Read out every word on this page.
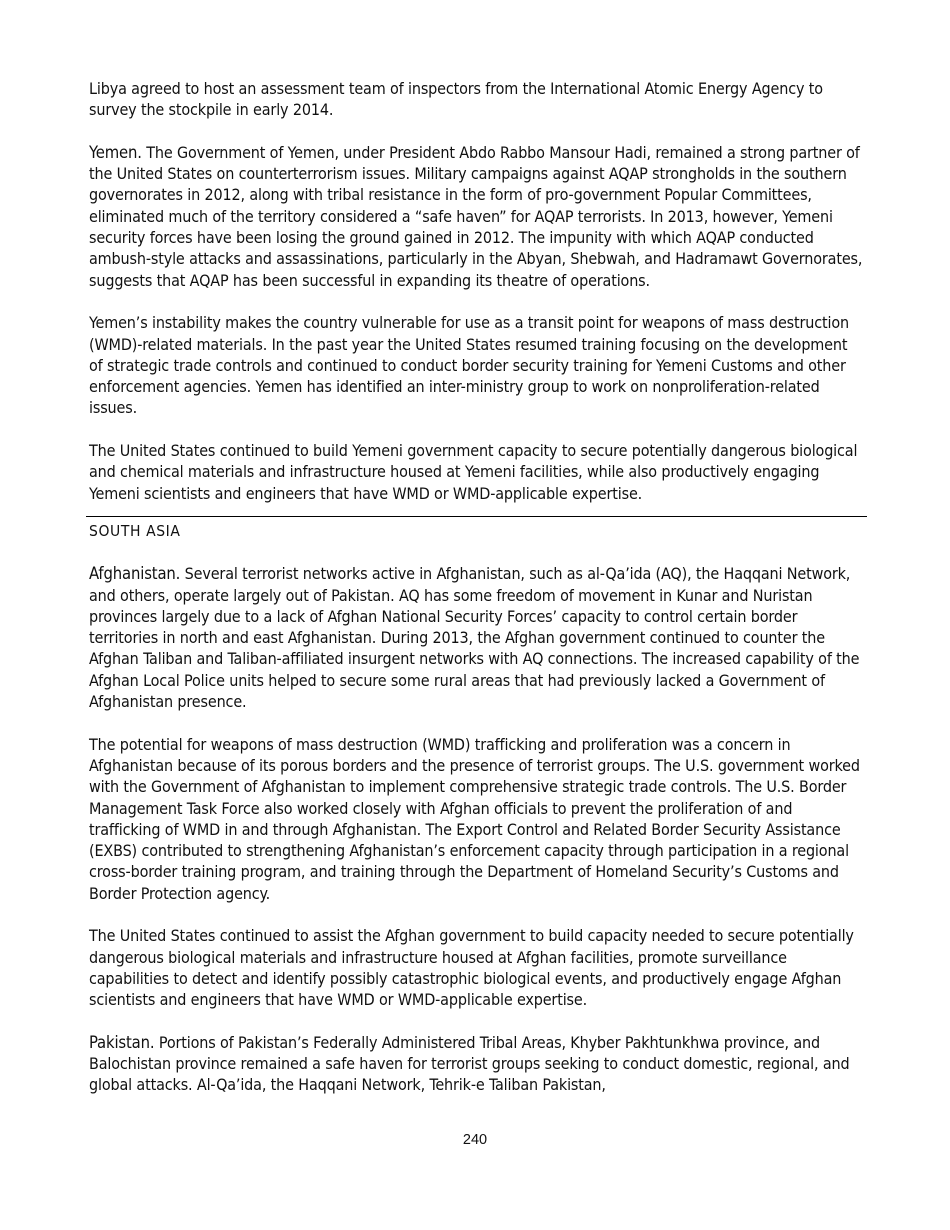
Libya agreed to host an assessment team of inspectors from the International Atomic Energy Agency to survey the stockpile in early 2014.

Yemen. The Government of Yemen, under President Abdo Rabbo Mansour Hadi, remained a strong partner of the United States on counterterrorism issues. Military campaigns against AQAP strongholds in the southern governorates in 2012, along with tribal resistance in the form of pro-government Popular Committees, eliminated much of the territory considered a “safe haven” for AQAP terrorists. In 2013, however, Yemeni security forces have been losing the ground gained in 2012. The impunity with which AQAP conducted ambush-style attacks and assassinations, particularly in the Abyan, Shebwah, and Hadramawt Governorates, suggests that AQAP has been successful in expanding its theatre of operations.

Yemen’s instability makes the country vulnerable for use as a transit point for weapons of mass destruction (WMD)-related materials. In the past year the United States resumed training focusing on the development of strategic trade controls and continued to conduct border security training for Yemeni Customs and other enforcement agencies. Yemen has identified an inter-ministry group to work on nonproliferation-related issues.

The United States continued to build Yemeni government capacity to secure potentially dangerous biological and chemical materials and infrastructure housed at Yemeni facilities, while also productively engaging Yemeni scientists and engineers that have WMD or WMD-applicable expertise.

SOUTH ASIA

Afghanistan. Several terrorist networks active in Afghanistan, such as al-Qa’ida (AQ), the Haqqani Network, and others, operate largely out of Pakistan. AQ has some freedom of movement in Kunar and Nuristan provinces largely due to a lack of Afghan National Security Forces’ capacity to control certain border territories in north and east Afghanistan. During 2013, the Afghan government continued to counter the Afghan Taliban and Taliban-affiliated insurgent networks with AQ connections. The increased capability of the Afghan Local Police units helped to secure some rural areas that had previously lacked a Government of Afghanistan presence.

The potential for weapons of mass destruction (WMD) trafficking and proliferation was a concern in Afghanistan because of its porous borders and the presence of terrorist groups. The U.S. government worked with the Government of Afghanistan to implement comprehensive strategic trade controls. The U.S. Border Management Task Force also worked closely with Afghan officials to prevent the proliferation of and trafficking of WMD in and through Afghanistan. The Export Control and Related Border Security Assistance (EXBS) contributed to strengthening Afghanistan’s enforcement capacity through participation in a regional cross-border training program, and training through the Department of Homeland Security’s Customs and Border Protection agency.

The United States continued to assist the Afghan government to build capacity needed to secure potentially dangerous biological materials and infrastructure housed at Afghan facilities, promote surveillance capabilities to detect and identify possibly catastrophic biological events, and productively engage Afghan scientists and engineers that have WMD or WMD-applicable expertise.

Pakistan. Portions of Pakistan’s Federally Administered Tribal Areas, Khyber Pakhtunkhwa province, and Balochistan province remained a safe haven for terrorist groups seeking to conduct domestic, regional, and global attacks. Al-Qa’ida, the Haqqani Network, Tehrik-e Taliban Pakistan,

240
